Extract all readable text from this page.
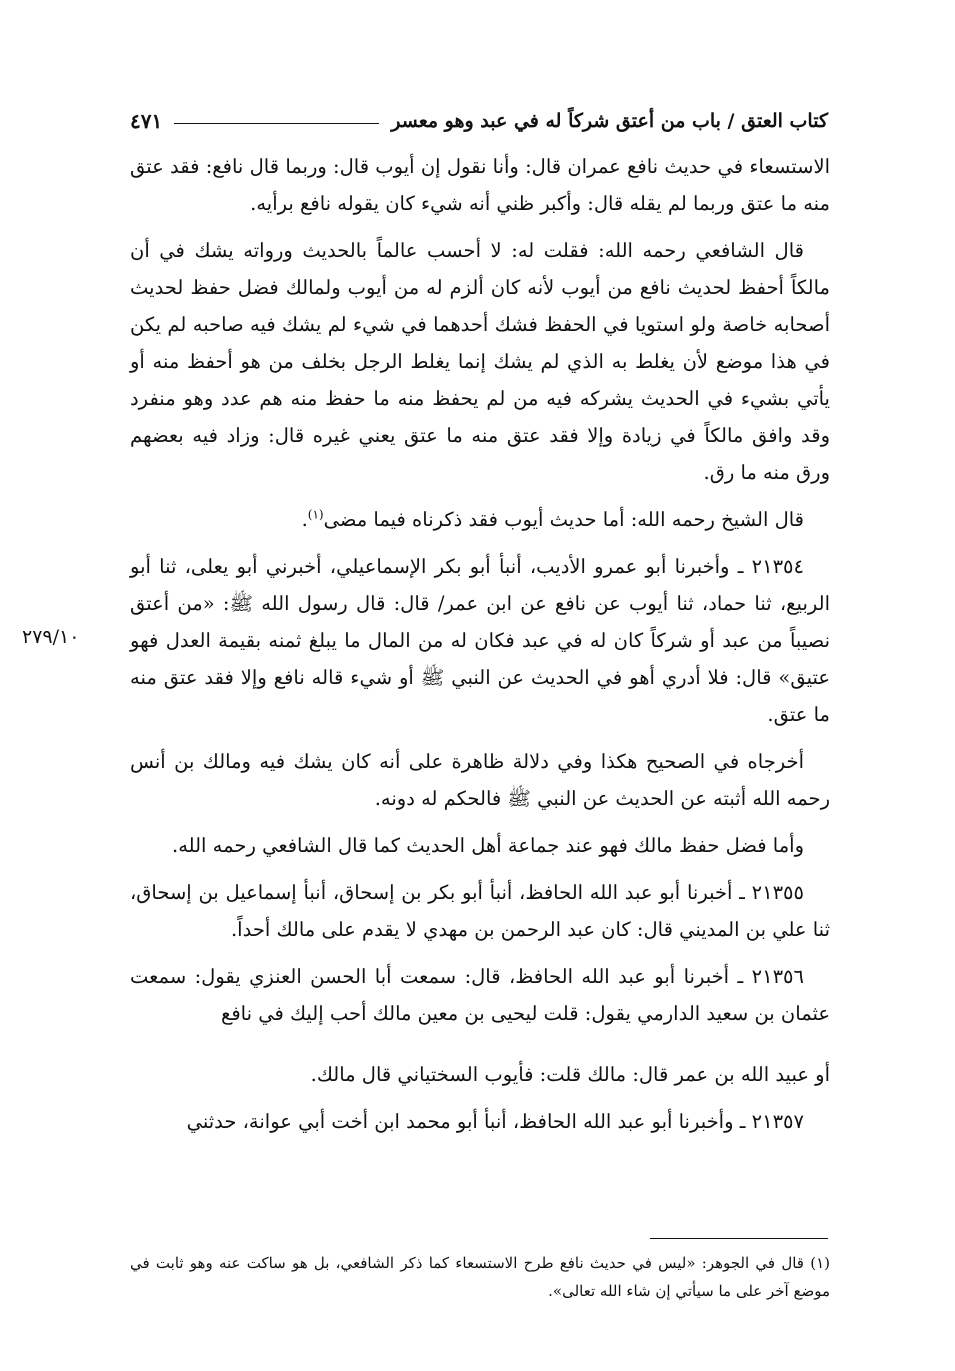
كتاب العتق / باب من أعتق شركاً له في عبد وهو معسر
٤٧١
٢٧٩/١٠

الاستسعاء في حديث نافع عمران قال: وأنا نقول إن أيوب قال: وربما قال نافع: فقد عتق منه ما عتق وربما لم يقله قال: وأكبر ظني أنه شيء كان يقوله نافع برأيه.

قال الشافعي رحمه الله: فقلت له: لا أحسب عالماً بالحديث ورواته يشك في أن مالكاً أحفظ لحديث نافع من أيوب لأنه كان ألزم له من أيوب ولمالك فضل حفظ لحديث أصحابه خاصة ولو استويا في الحفظ فشك أحدهما في شيء لم يشك فيه صاحبه لم يكن في هذا موضع لأن يغلط به الذي لم يشك إنما يغلط الرجل بخلف من هو أحفظ منه أو يأتي بشيء في الحديث يشركه فيه من لم يحفظ منه ما حفظ منه هم عدد وهو منفرد وقد وافق مالكاً في زيادة وإلا فقد عتق منه ما عتق يعني غيره قال: وزاد فيه بعضهم ورق منه ما رق.

قال الشيخ رحمه الله: أما حديث أيوب فقد ذكرناه فيما مضى$^{(١)}$.

٢١٣٥٤ ـ وأخبرنا أبو عمرو الأديب، أنبأ أبو بكر الإسماعيلي، أخبرني أبو يعلى، ثنا أبو الربيع، ثنا حماد، ثنا أيوب عن نافع عن ابن عمر/ قال: قال رسول الله ﷺ: «من أعتق نصيباً من عبد أو شركاً كان له في عبد فكان له من المال ما يبلغ ثمنه بقيمة العدل فهو عتيق» قال: فلا أدري أهو في الحديث عن النبي ﷺ أو شيء قاله نافع وإلا فقد عتق منه ما عتق.

أخرجاه في الصحيح هكذا وفي دلالة ظاهرة على أنه كان يشك فيه ومالك بن أنس رحمه الله أثبته عن الحديث عن النبي ﷺ فالحكم له دونه.

وأما فضل حفظ مالك فهو عند جماعة أهل الحديث كما قال الشافعي رحمه الله.

٢١٣٥٥ ـ أخبرنا أبو عبد الله الحافظ، أنبأ أبو بكر بن إسحاق، أنبأ إسماعيل بن إسحاق، ثنا علي بن المديني قال: كان عبد الرحمن بن مهدي لا يقدم على مالك أحداً.

٢١٣٥٦ ـ أخبرنا أبو عبد الله الحافظ، قال: سمعت أبا الحسن العنزي يقول: سمعت عثمان بن سعيد الدارمي يقول: قلت ليحيى بن معين مالك أحب إليك في نافع

أو عبيد الله بن عمر قال: مالك قلت: فأيوب السختياني قال مالك.

٢١٣٥٧ ـ وأخبرنا أبو عبد الله الحافظ، أنبأ أبو محمد ابن أخت أبي عوانة، حدثني

(١) قال في الجوهر: «ليس في حديث نافع طرح الاستسعاء كما ذكر الشافعي، بل هو ساكت عنه وهو ثابت في موضع آخر على ما سيأتي إن شاء الله تعالى».
